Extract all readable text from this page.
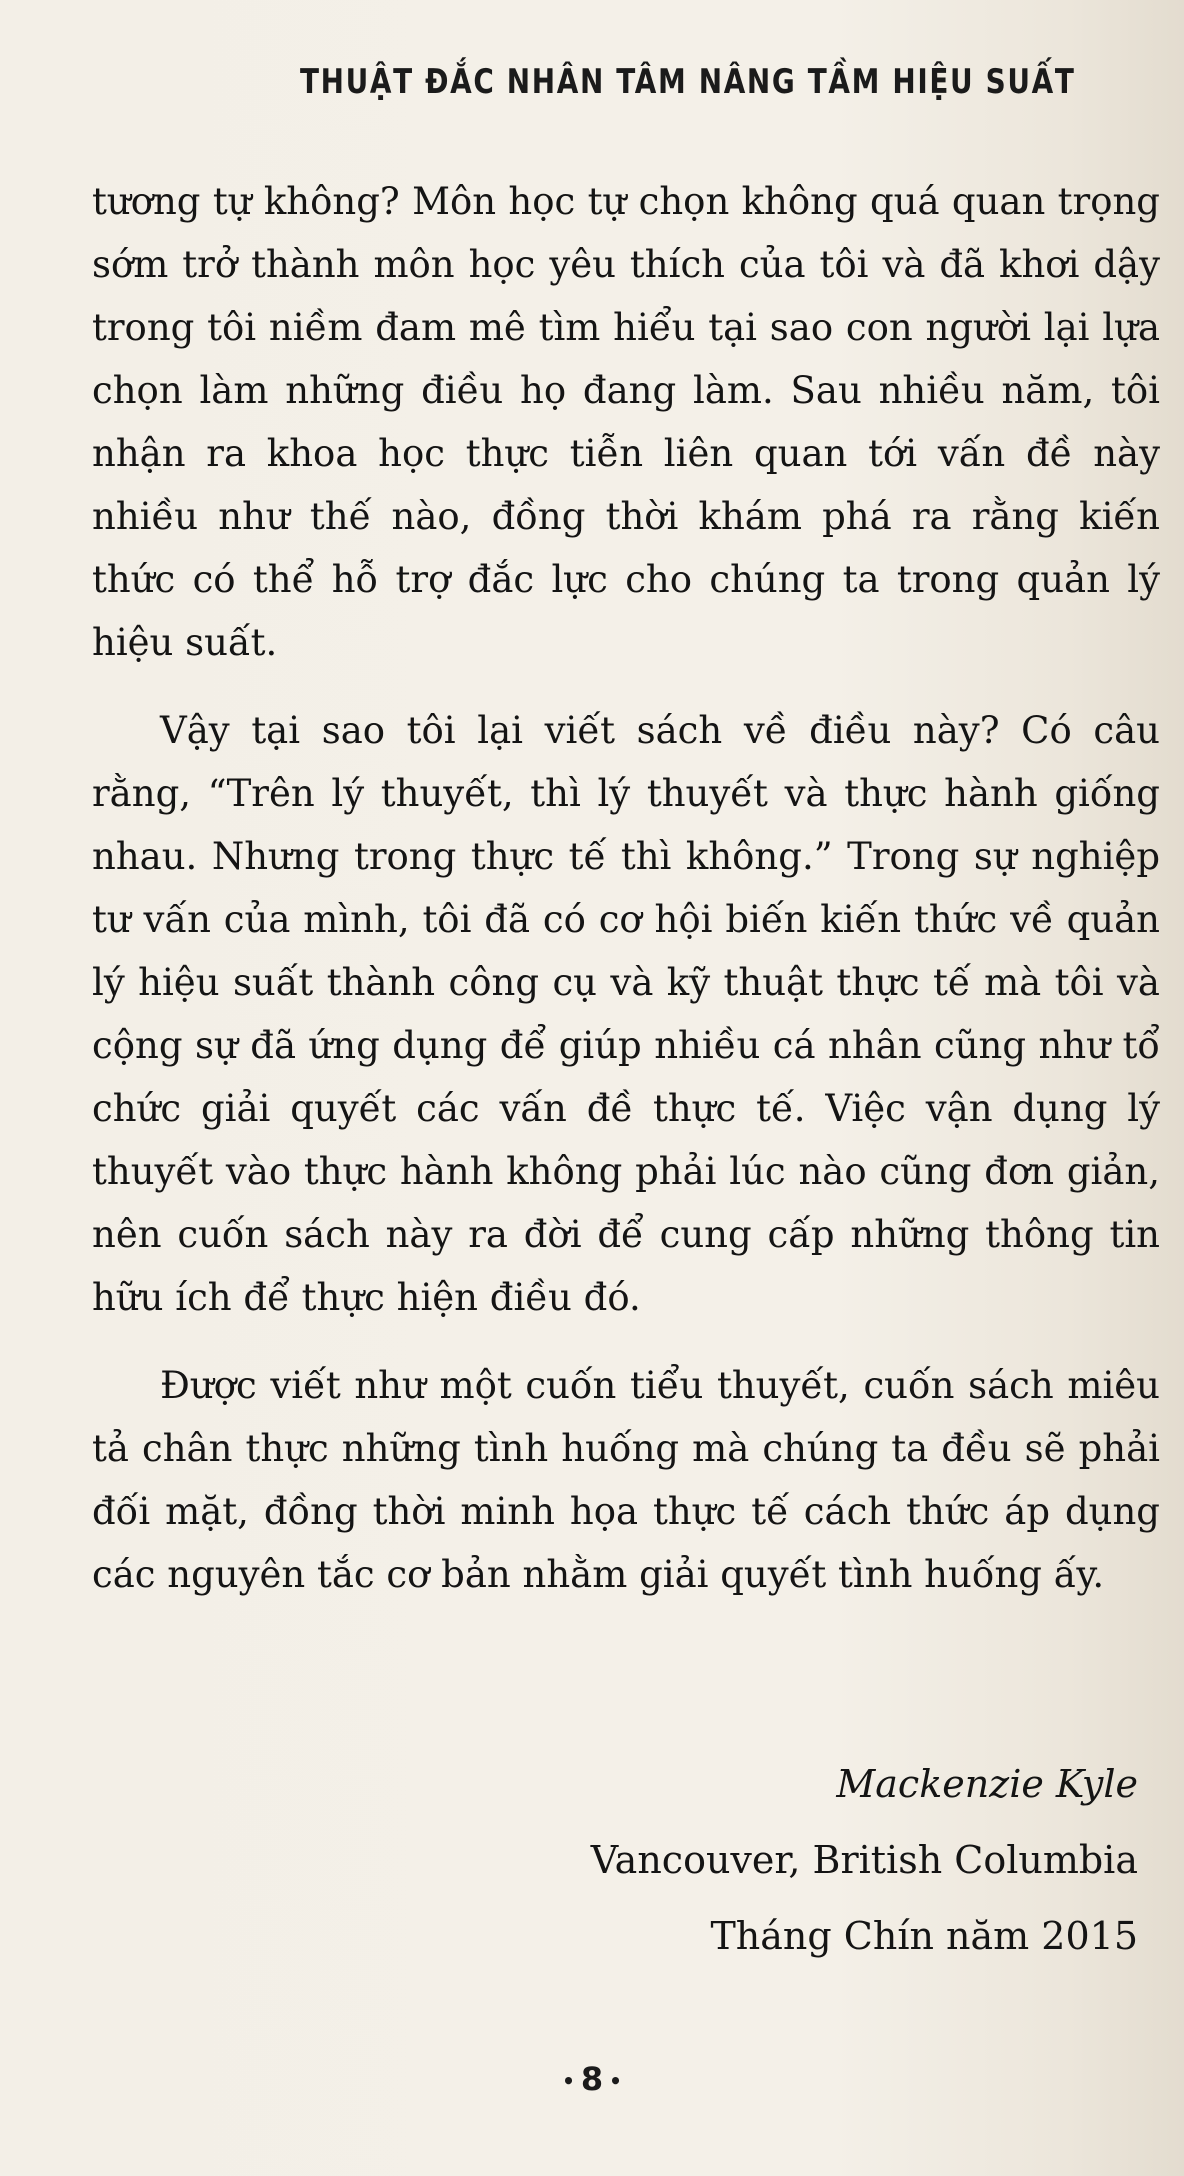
THUẬT ĐẮC NHÂN TÂM NÂNG TẦM HIỆU SUẤT

tương tự không? Môn học tự chọn không quá quan trọng sớm trở thành môn học yêu thích của tôi và đã khơi dậy trong tôi niềm đam mê tìm hiểu tại sao con người lại lựa chọn làm những điều họ đang làm. Sau nhiều năm, tôi nhận ra khoa học thực tiễn liên quan tới vấn đề này nhiều như thế nào, đồng thời khám phá ra rằng kiến thức có thể hỗ trợ đắc lực cho chúng ta trong quản lý hiệu suất.

Vậy tại sao tôi lại viết sách về điều này? Có câu rằng, “Trên lý thuyết, thì lý thuyết và thực hành giống nhau. Nhưng trong thực tế thì không.” Trong sự nghiệp tư vấn của mình, tôi đã có cơ hội biến kiến thức về quản lý hiệu suất thành công cụ và kỹ thuật thực tế mà tôi và cộng sự đã ứng dụng để giúp nhiều cá nhân cũng như tổ chức giải quyết các vấn đề thực tế. Việc vận dụng lý thuyết vào thực hành không phải lúc nào cũng đơn giản, nên cuốn sách này ra đời để cung cấp những thông tin hữu ích để thực hiện điều đó.

Được viết như một cuốn tiểu thuyết, cuốn sách miêu tả chân thực những tình huống mà chúng ta đều sẽ phải đối mặt, đồng thời minh họa thực tế cách thức áp dụng các nguyên tắc cơ bản nhằm giải quyết tình huống ấy.

Mackenzie Kyle
Vancouver, British Columbia
Tháng Chín năm 2015
• 8 •
